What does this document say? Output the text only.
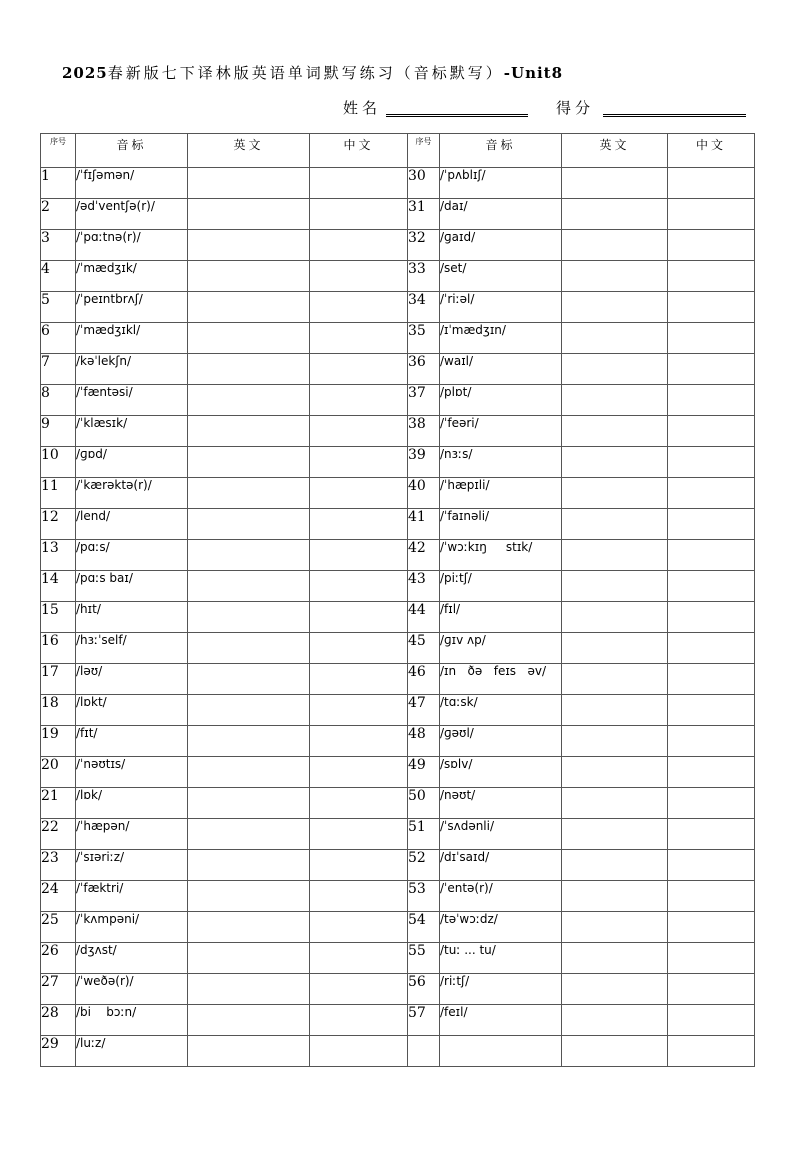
2025春新版七下译林版英语单词默写练习（音标默写）-Unit8
姓名	得分
序号	音标	英文	中文	序号	音标	英文	中文
1	/ˈfɪʃəmən/			30	/ˈpʌblɪʃ/		
2	/ədˈventʃə(r)/			31	/daɪ/		
3	/ˈpɑːtnə(r)/			32	/ɡaɪd/		
4	/ˈmædʒɪk/			33	/set/		
5	/ˈpeɪntbrʌʃ/			34	/ˈriːəl/		
6	/ˈmædʒɪkl/			35	/ɪˈmædʒɪn/		
7	/kəˈlekʃn/			36	/waɪl/		
8	/ˈfæntəsi/			37	/plɒt/		
9	/ˈklæsɪk/			38	/ˈfeəri/		
10	/ɡɒd/			39	/nɜːs/		
11	/ˈkærəktə(r)/			40	/ˈhæpɪli/		
12	/lend/			41	/ˈfaɪnəli/		
13	/pɑːs/			42	/ˈwɔːkɪŋ     stɪk/		
14	/pɑːs baɪ/			43	/piːtʃ/		
15	/hɪt/			44	/fɪl/		
16	/hɜːˈself/			45	/ɡɪv ʌp/		
17	/ləʊ/			46	/ɪn   ðə   feɪs   əv/		
18	/lɒkt/			47	/tɑːsk/		
19	/fɪt/			48	/ɡəʊl/		
20	/ˈnəʊtɪs/			49	/sɒlv/		
21	/lɒk/			50	/nəʊt/		
22	/ˈhæpən/			51	/ˈsʌdənli/		
23	/ˈsɪəriːz/			52	/dɪˈsaɪd/		
24	/ˈfæktri/			53	/ˈentə(r)/		
25	/ˈkʌmpəni/			54	/təˈwɔːdz/		
26	/dʒʌst/			55	/tuː ... tu/		
27	/ˈweðə(r)/			56	/riːtʃ/		
28	/bi    bɔːn/			57	/feɪl/		
29	/luːz/						
